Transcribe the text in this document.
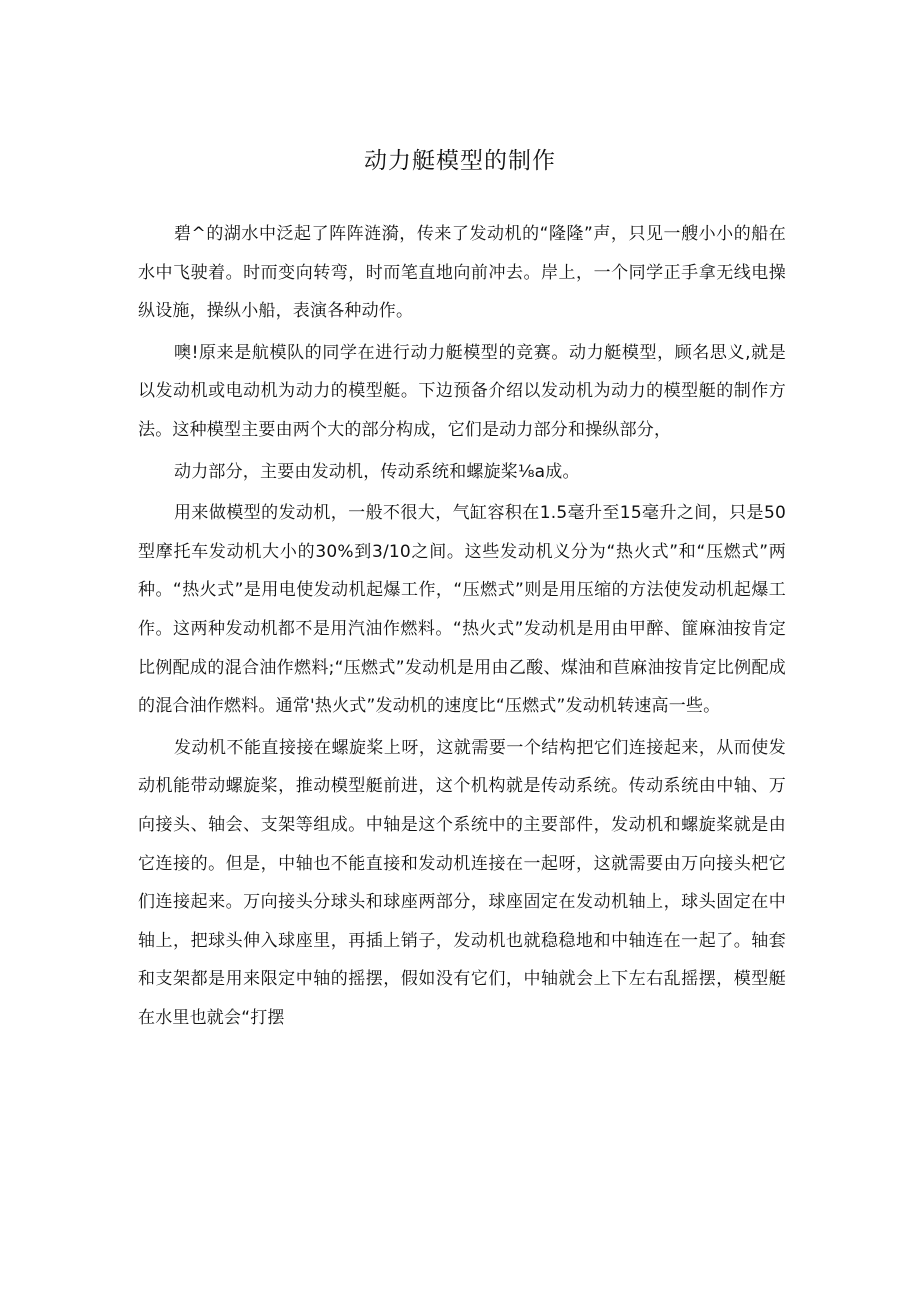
动力艇模型的制作

碧^的湖水中泛起了阵阵涟漪，传来了发动机的“隆隆”声，只见一艘小小的船在水中飞驶着。时而变向转弯，时而笔直地向前冲去。岸上，一个同学正手拿无线电操纵设施，操纵小船，表演各种动作。

噢!原来是航模队的同学在进行动力艇模型的竞赛。动力艇模型，顾名思义,就是以发动机或电动机为动力的模型艇。下边预备介绍以发动机为动力的模型艇的制作方法。这种模型主要由两个大的部分构成，它们是动力部分和操纵部分，

动力部分，主要由发动机，传动系统和螺旋桨⅛a成。

用来做模型的发动机，一般不很大，气缸容积在1.5毫升至15毫升之间，只是50型摩托车发动机大小的30%到3/10之间。这些发动机义分为“热火式”和“压燃式”两种。“热火式”是用电使发动机起爆工作，“压燃式”则是用压缩的方法使发动机起爆工作。这两种发动机都不是用汽油作燃料。“热火式”发动机是用由甲醉、篚麻油按肯定比例配成的混合油作燃料;“压燃式”发动机是用由乙酸、煤油和苣麻油按肯定比例配成的混合油作燃料。通常'热火式”发动机的速度比“压燃式”发动机转速高一些。

发动机不能直接接在螺旋桨上呀，这就需要一个结构把它们连接起来，从而使发动机能带动螺旋桨，推动模型艇前进，这个机构就是传动系统。传动系统由中轴、万向接头、轴会、支架等组成。中轴是这个系统中的主要部件，发动机和螺旋桨就是由它连接的。但是，中轴也不能直接和发动机连接在一起呀，这就需要由万向接头杷它们连接起来。万向接头分球头和球座两部分，球座固定在发动机轴上，球头固定在中轴上，把球头伸入球座里，再插上销子，发动机也就稳稳地和中轴连在一起了。轴套和支架都是用来限定中轴的摇摆，假如没有它们，中轴就会上下左右乱摇摆，模型艇在水里也就会“打摆
